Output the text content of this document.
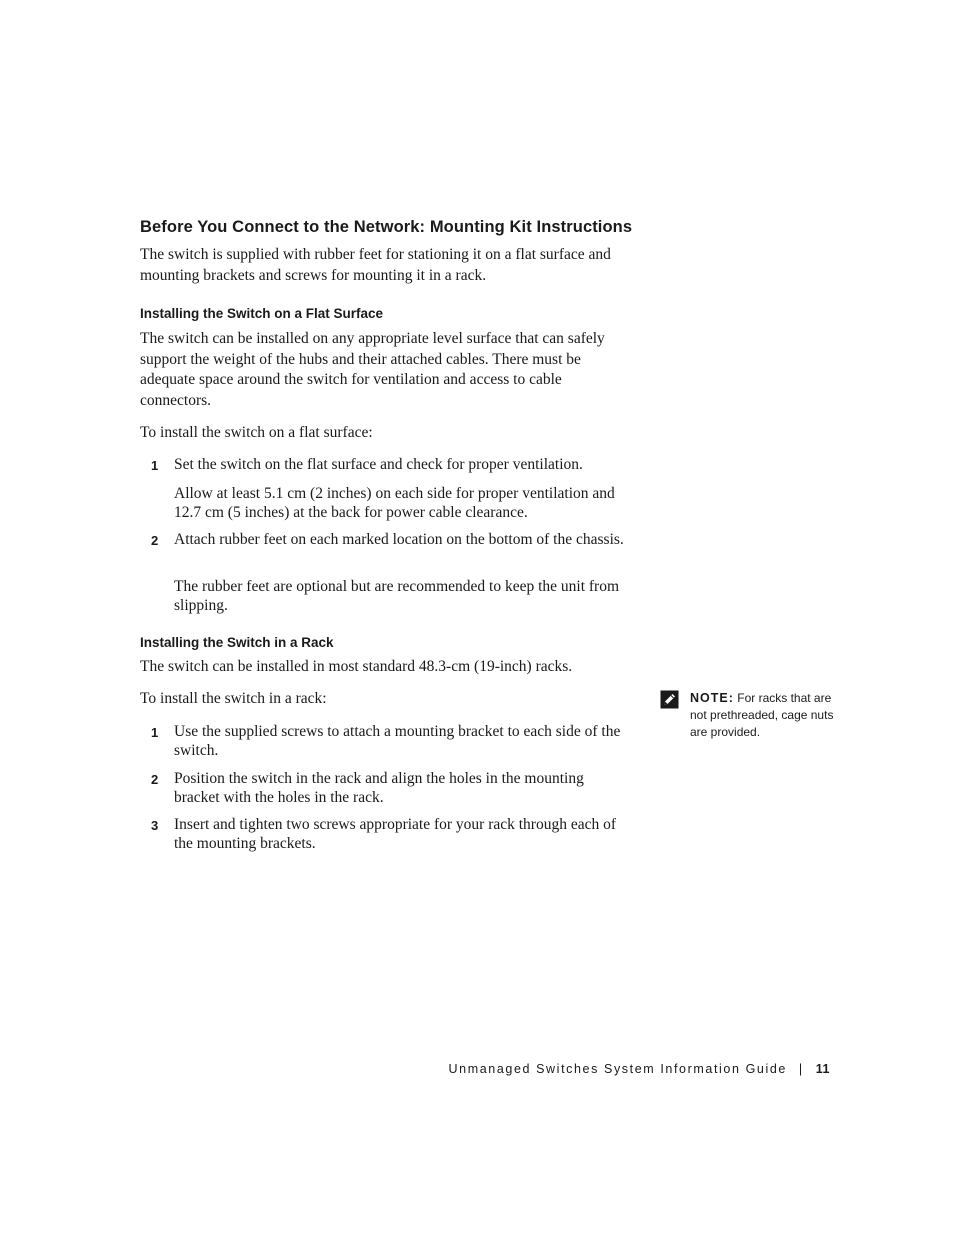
Before You Connect to the Network: Mounting Kit Instructions

The switch is supplied with rubber feet for stationing it on a flat surface and mounting brackets and screws for mounting it in a rack.

Installing the Switch on a Flat Surface

The switch can be installed on any appropriate level surface that can safely support the weight of the hubs and their attached cables. There must be adequate space around the switch for ventilation and access to cable connectors.

To install the switch on a flat surface:

1 Set the switch on the flat surface and check for proper ventilation.

Allow at least 5.1 cm (2 inches) on each side for proper ventilation and 12.7 cm (5 inches) at the back for power cable clearance.

2 Attach rubber feet on each marked location on the bottom of the chassis.

The rubber feet are optional but are recommended to keep the unit from slipping.

Installing the Switch in a Rack

The switch can be installed in most standard 48.3-cm (19-inch) racks.

To install the switch in a rack:

1 Use the supplied screws to attach a mounting bracket to each side of the switch.

2 Position the switch in the rack and align the holes in the mounting bracket with the holes in the rack.

3 Insert and tighten two screws appropriate for your rack through each of the mounting brackets.

NOTE: For racks that are not prethreaded, cage nuts are provided.
Unmanaged Switches System Information Guide | 11
